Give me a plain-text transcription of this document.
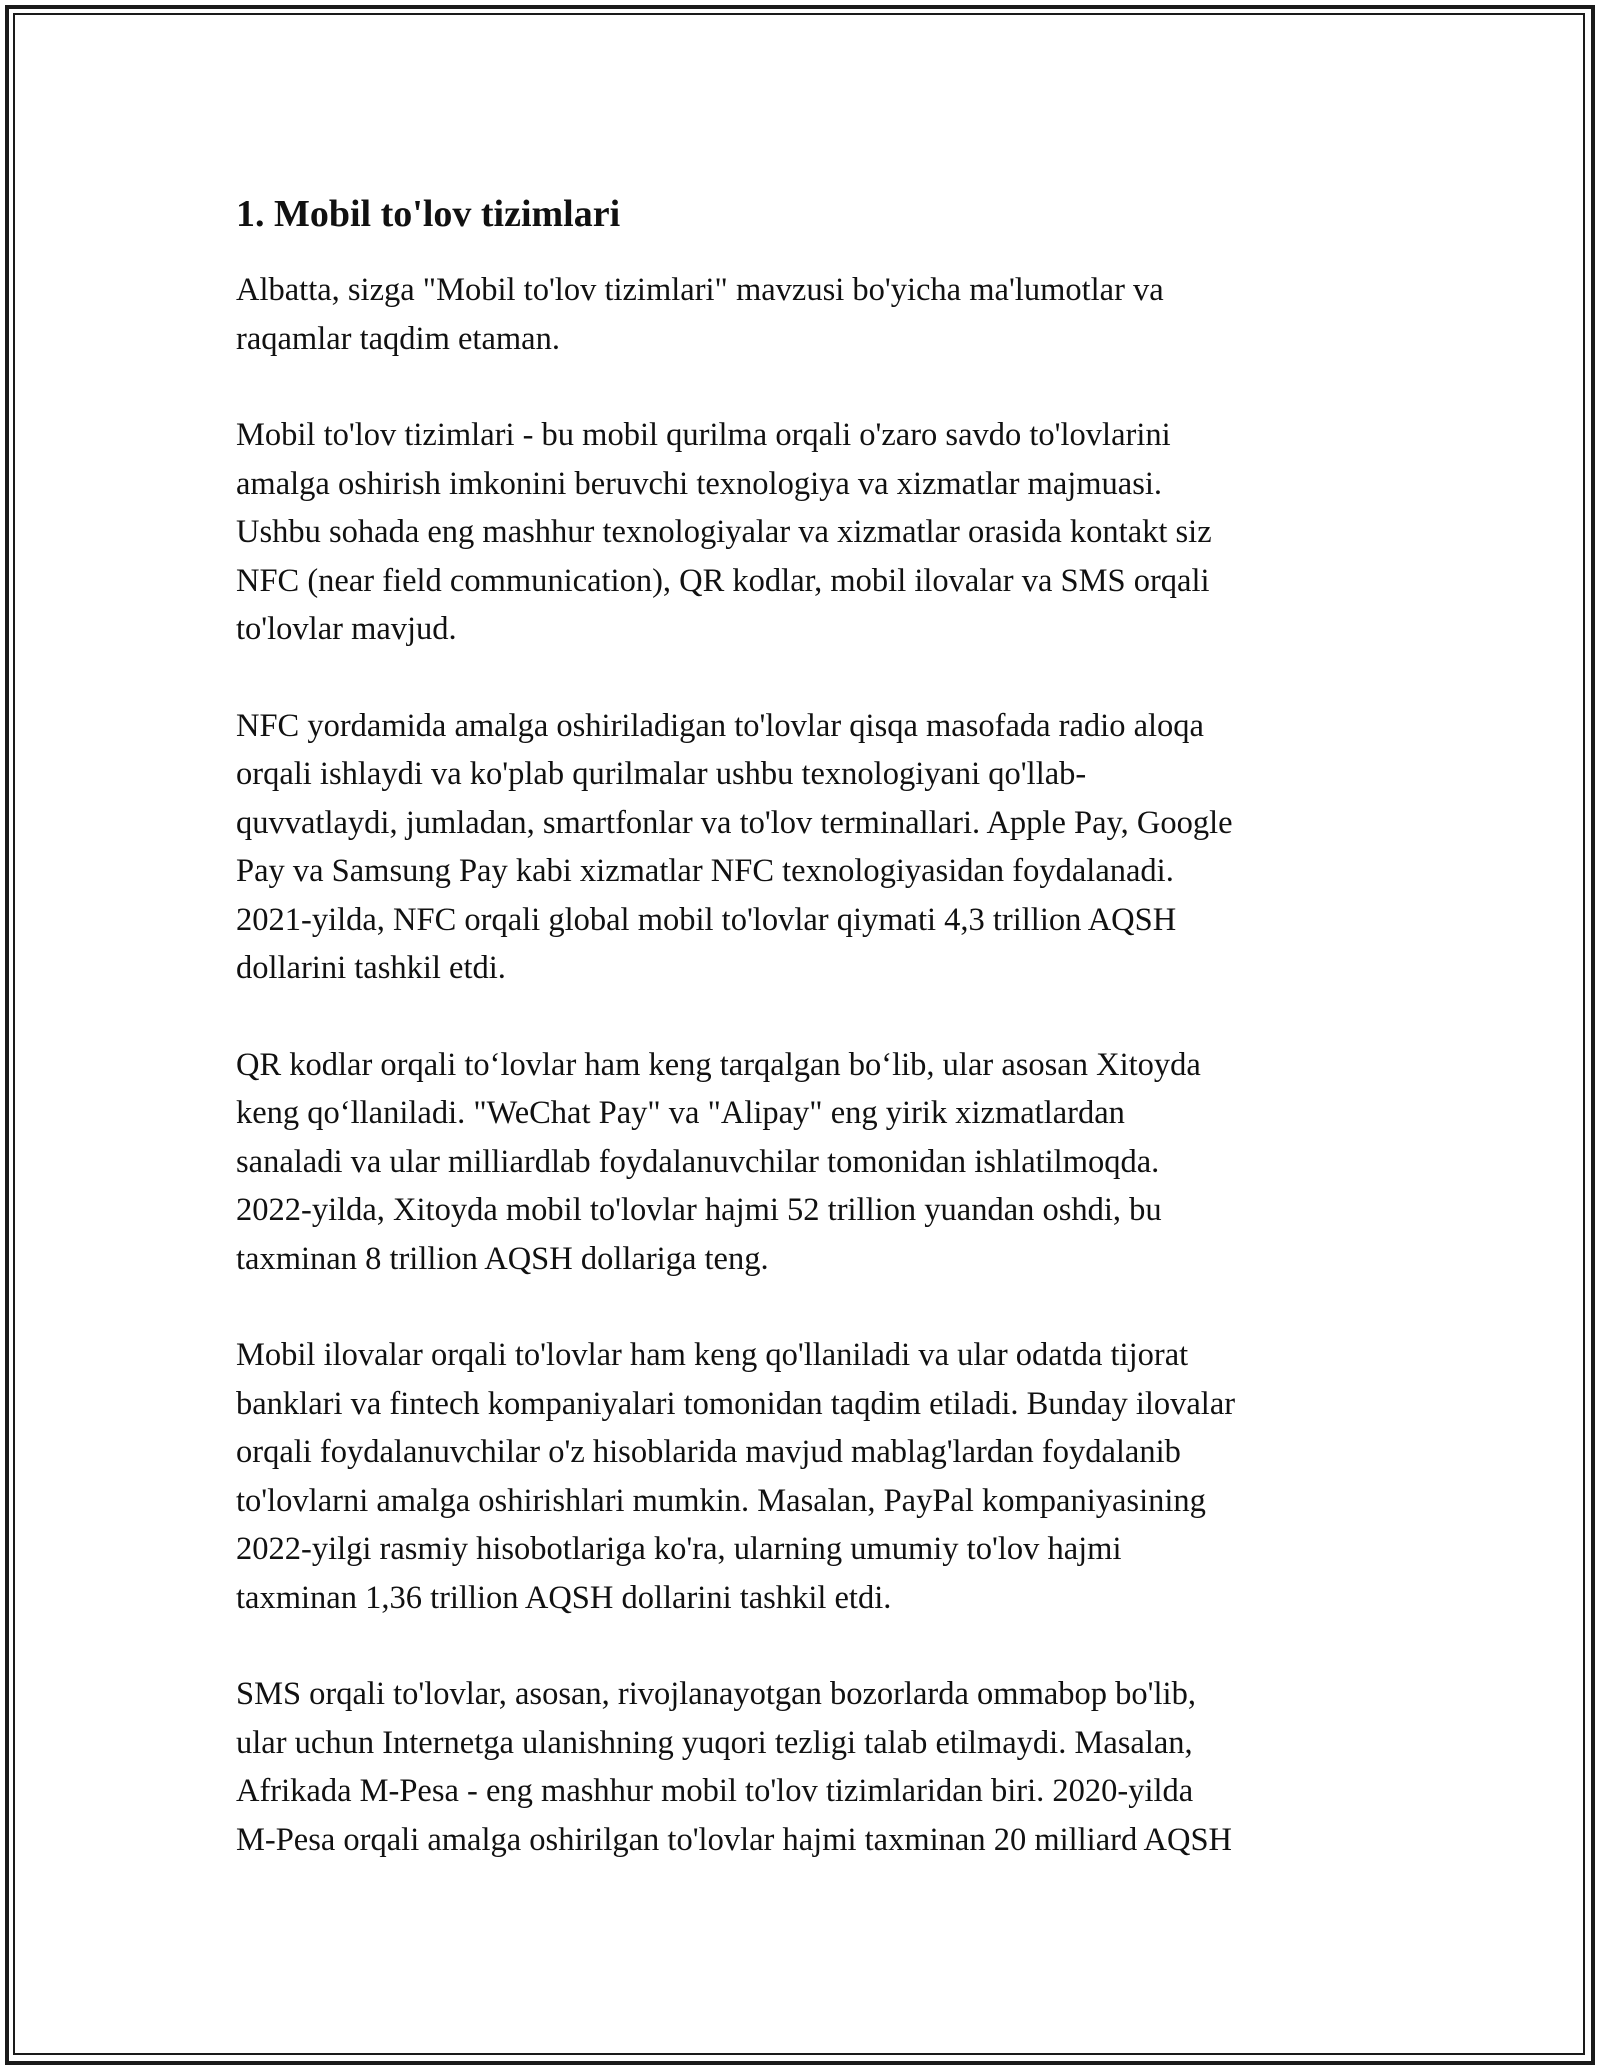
1. Mobil to'lov tizimlari

Albatta, sizga "Mobil to'lov tizimlari" mavzusi bo'yicha ma'lumotlar va
raqamlar taqdim etaman.

Mobil to'lov tizimlari - bu mobil qurilma orqali o'zaro savdo to'lovlarini
amalga oshirish imkonini beruvchi texnologiya va xizmatlar majmuasi.
Ushbu sohada eng mashhur texnologiyalar va xizmatlar orasida kontakt siz
NFC (near field communication), QR kodlar, mobil ilovalar va SMS orqali
to'lovlar mavjud.

NFC yordamida amalga oshiriladigan to'lovlar qisqa masofada radio aloqa
orqali ishlaydi va ko'plab qurilmalar ushbu texnologiyani qo'llab-
quvvatlaydi, jumladan, smartfonlar va to'lov terminallari. Apple Pay, Google
Pay va Samsung Pay kabi xizmatlar NFC texnologiyasidan foydalanadi.
2021-yilda, NFC orqali global mobil to'lovlar qiymati 4,3 trillion AQSH
dollarini tashkil etdi.

QR kodlar orqali to‘lovlar ham keng tarqalgan bo‘lib, ular asosan Xitoyda
keng qo‘llaniladi. "WeChat Pay" va "Alipay" eng yirik xizmatlardan
sanaladi va ular milliardlab foydalanuvchilar tomonidan ishlatilmoqda.
2022-yilda, Xitoyda mobil to'lovlar hajmi 52 trillion yuandan oshdi, bu
taxminan 8 trillion AQSH dollariga teng.

Mobil ilovalar orqali to'lovlar ham keng qo'llaniladi va ular odatda tijorat
banklari va fintech kompaniyalari tomonidan taqdim etiladi. Bunday ilovalar
orqali foydalanuvchilar o'z hisoblarida mavjud mablag'lardan foydalanib
to'lovlarni amalga oshirishlari mumkin. Masalan, PayPal kompaniyasining
2022-yilgi rasmiy hisobotlariga ko'ra, ularning umumiy to'lov hajmi
taxminan 1,36 trillion AQSH dollarini tashkil etdi.

SMS orqali to'lovlar, asosan, rivojlanayotgan bozorlarda ommabop bo'lib,
ular uchun Internetga ulanishning yuqori tezligi talab etilmaydi. Masalan,
Afrikada M-Pesa - eng mashhur mobil to'lov tizimlaridan biri. 2020-yilda
M-Pesa orqali amalga oshirilgan to'lovlar hajmi taxminan 20 milliard AQSH
